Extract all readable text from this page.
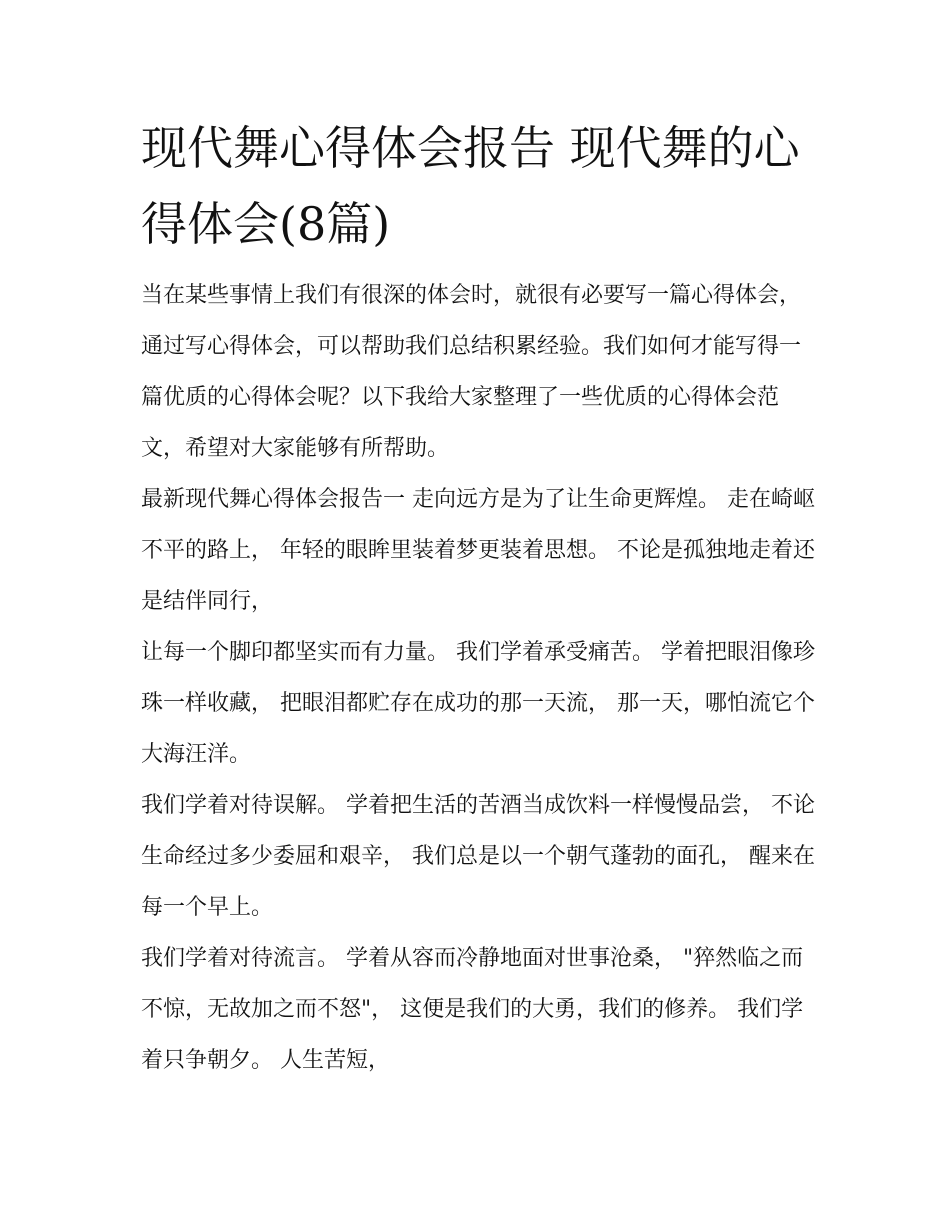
现代舞心得体会报告 现代舞的心得体会(8篇)

当在某些事情上我们有很深的体会时，就很有必要写一篇心得体会，通过写心得体会，可以帮助我们总结积累经验。我们如何才能写得一篇优质的心得体会呢？以下我给大家整理了一些优质的心得体会范文，希望对大家能够有所帮助。

最新现代舞心得体会报告一 走向远方是为了让生命更辉煌。 走在崎岖不平的路上， 年轻的眼眸里装着梦更装着思想。 不论是孤独地走着还是结伴同行，

让每一个脚印都坚实而有力量。 我们学着承受痛苦。 学着把眼泪像珍珠一样收藏， 把眼泪都贮存在成功的那一天流， 那一天，哪怕流它个大海汪洋。

我们学着对待误解。 学着把生活的苦酒当成饮料一样慢慢品尝， 不论生命经过多少委屈和艰辛， 我们总是以一个朝气蓬勃的面孔， 醒来在每一个早上。

我们学着对待流言。 学着从容而冷静地面对世事沧桑， "猝然临之而不惊，无故加之而不怒"， 这便是我们的大勇，我们的修养。 我们学着只争朝夕。 人生苦短，
